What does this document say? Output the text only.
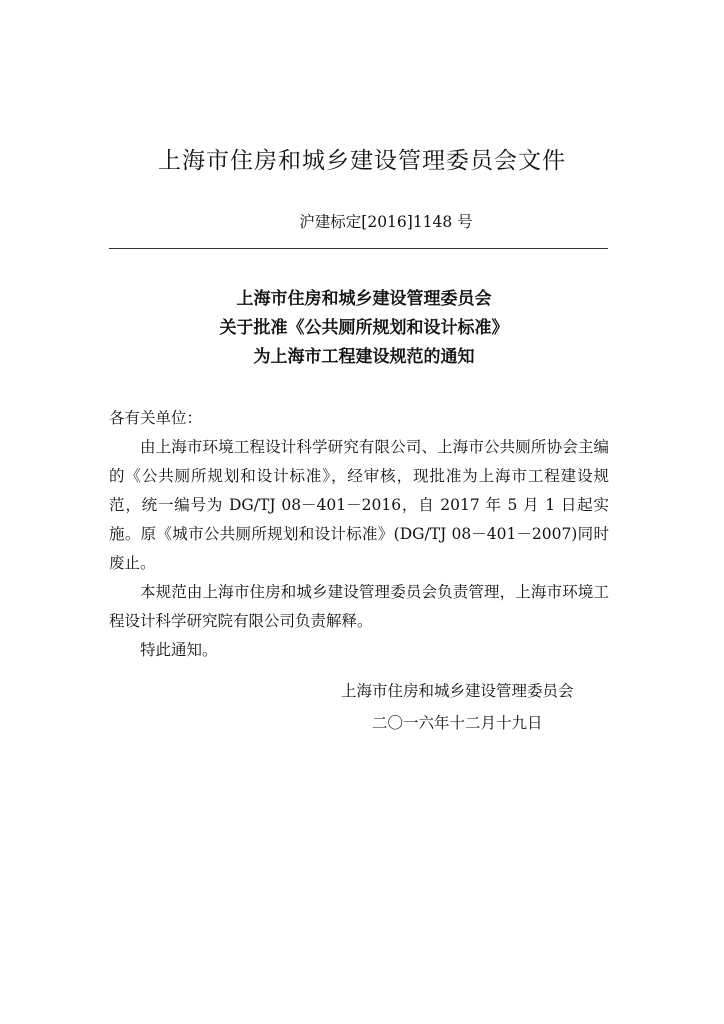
上海市住房和城乡建设管理委员会文件
沪建标定[2016]1148 号
上海市住房和城乡建设管理委员会
关于批准《公共厕所规划和设计标准》
为上海市工程建设规范的通知

各有关单位：

由上海市环境工程设计科学研究有限公司、上海市公共厕所协会主编的《公共厕所规划和设计标准》，经审核，现批准为上海市工程建设规范，统一编号为 DG/TJ 08－401－2016，自 2017 年 5 月 1 日起实施。原《城市公共厕所规划和设计标准》(DG/TJ 08－401－2007)同时废止。

本规范由上海市住房和城乡建设管理委员会负责管理，上海市环境工程设计科学研究院有限公司负责解释。

特此通知。

上海市住房和城乡建设管理委员会
二〇一六年十二月十九日
